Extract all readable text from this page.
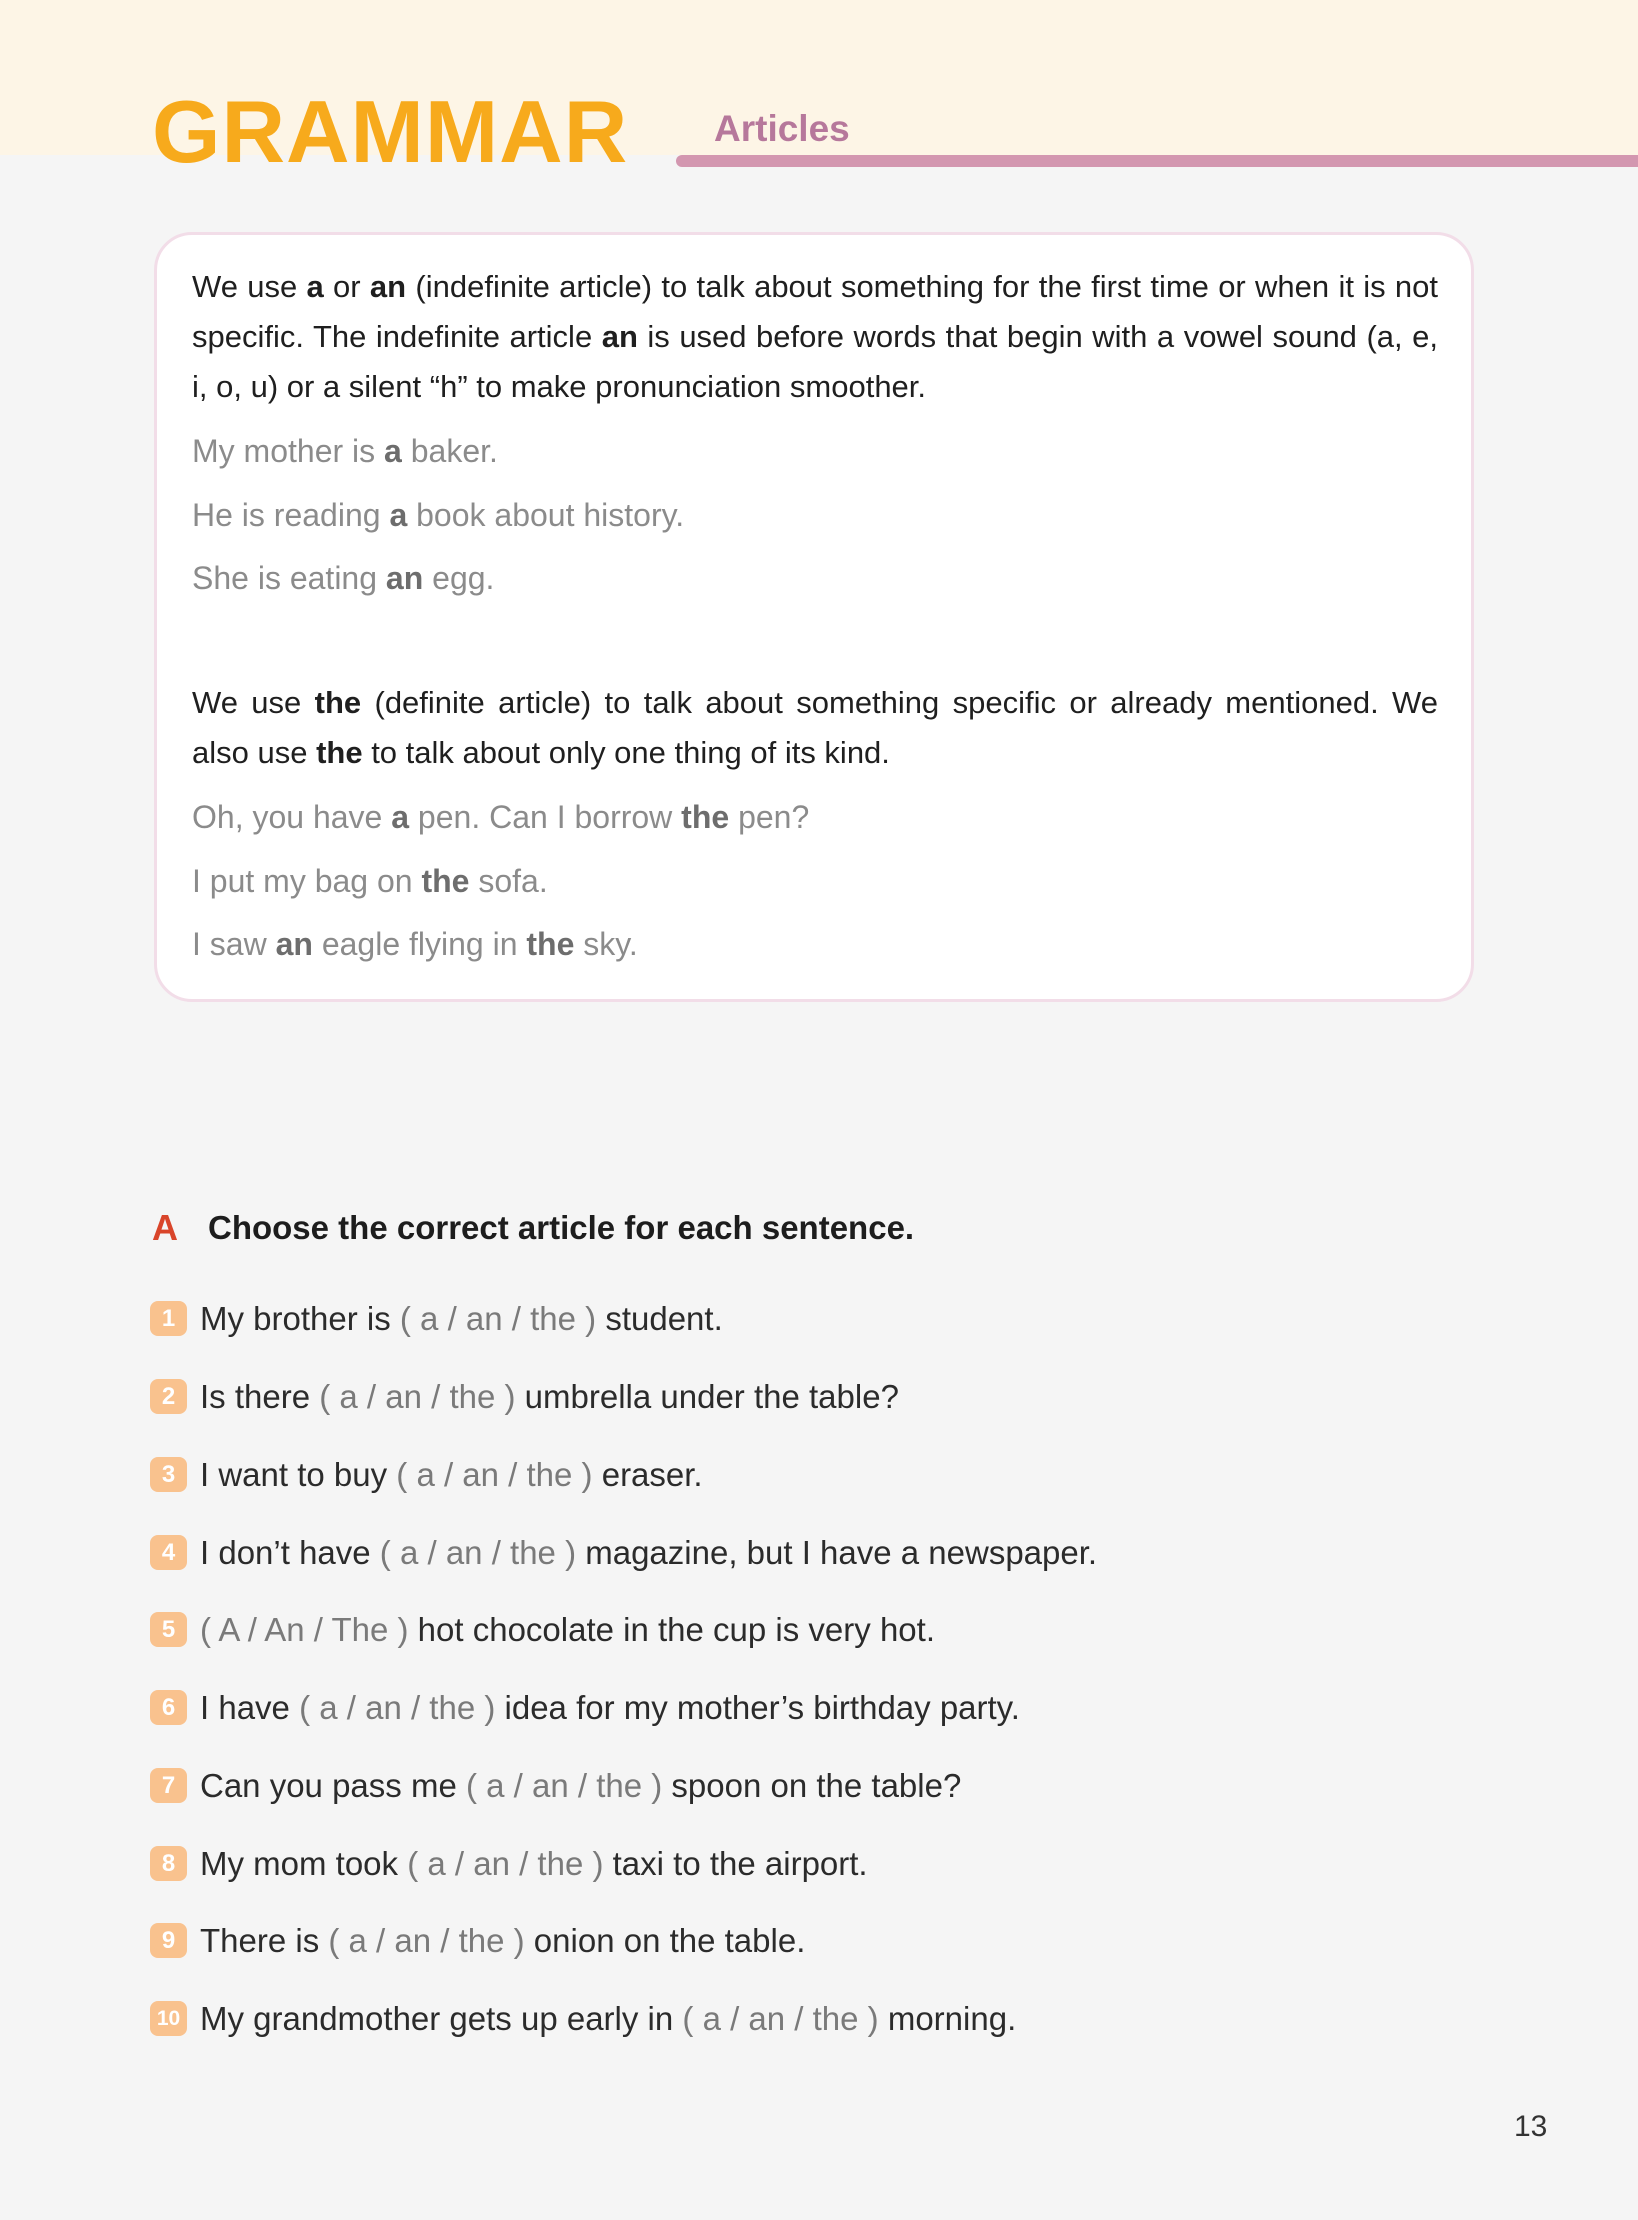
GRAMMAR Articles

We use a or an (indefinite article) to talk about something for the first time or when it is not specific. The indefinite article an is used before words that begin with a vowel sound (a, e, i, o, u) or a silent “h” to make pronunciation smoother.

My mother is a baker.

He is reading a book about history.

She is eating an egg.

We use the (definite article) to talk about something specific or already mentioned. We also use the to talk about only one thing of its kind.

Oh, you have a pen. Can I borrow the pen?

I put my bag on the sofa.

I saw an eagle flying in the sky.

A Choose the correct article for each sentence.
1 My brother is ( a / an / the ) student.
2 Is there ( a / an / the ) umbrella under the table?
3 I want to buy ( a / an / the ) eraser.
4 I don’t have ( a / an / the ) magazine, but I have a newspaper.
5 ( A / An / The ) hot chocolate in the cup is very hot.
6 I have ( a / an / the ) idea for my mother’s birthday party.
7 Can you pass me ( a / an / the ) spoon on the table?
8 My mom took ( a / an / the ) taxi to the airport.
9 There is ( a / an / the ) onion on the table.
10 My grandmother gets up early in ( a / an / the ) morning.
13
